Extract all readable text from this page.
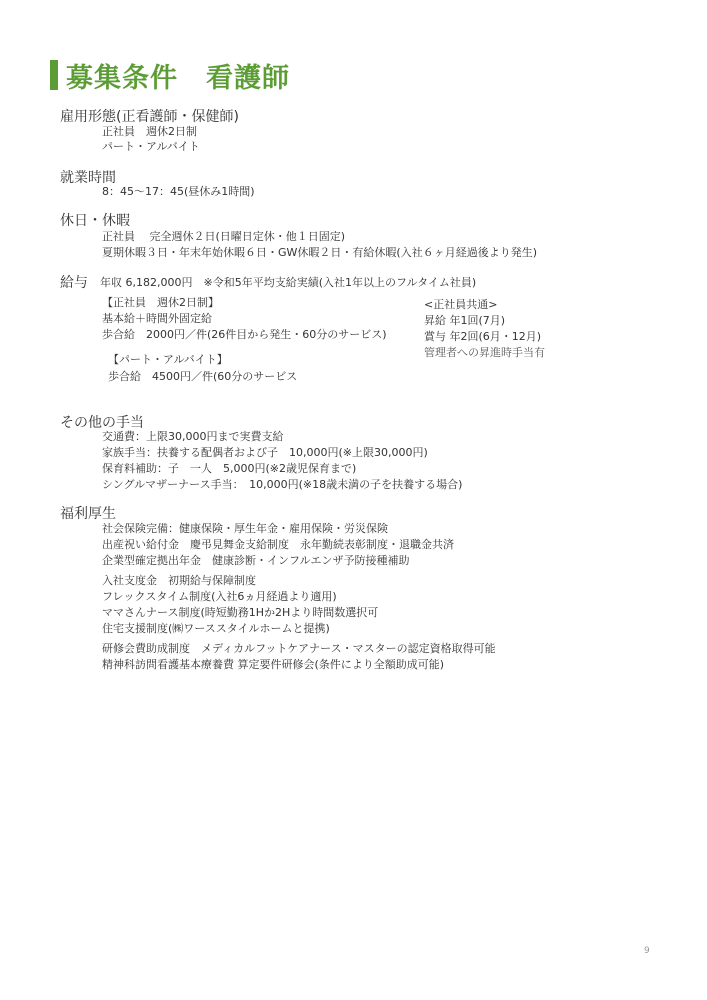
募集条件　看護師
雇用形態(正看護師・保健師)
正社員　週休2日制
パート・アルバイト
就業時間
8：45〜17：45(昼休み1時間)
休日・休暇
正社員　 完全週休２日(日曜日定休・他１日固定)
夏期休暇３日・年末年始休暇６日・GW休暇２日・有給休暇(入社６ヶ月経過後より発生)
給与 年収 6,182,000円　※令和5年平均支給実績(入社1年以上のフルタイム社員)
【正社員　週休2日制】
基本給＋時間外固定給
歩合給　2000円／件(26件目から発生・60分のサービス)
<正社員共通>
昇給 年1回(7月)
賞与 年2回(6月・12月)
管理者への昇進時手当有
【パート・アルバイト】
歩合給　4500円／件(60分のサービス
その他の手当
交通費：上限30,000円まで実費支給
家族手当：扶養する配偶者および子　10,000円(※上限30,000円)
保育料補助：子　一人　5,000円(※2歳児保育まで)
シングルマザーナース手当：　10,000円(※18歳未満の子を扶養する場合)
福利厚生
社会保険完備：健康保険・厚生年金・雇用保険・労災保険
出産祝い給付金　慶弔見舞金支給制度　永年勤続表彰制度・退職金共済
企業型確定拠出年金　健康診断・インフルエンザ予防接種補助
入社支度金　初期給与保障制度
フレックスタイム制度(入社6ヵ月経過より適用)
ママさんナース制度(時短勤務1Hか2Hより時間数選択可
住宅支援制度(㈱ワーススタイルホームと提携)
研修会費助成制度　メディカルフットケアナース・マスターの認定資格取得可能
精神科訪問看護基本療養費 算定要件研修会(条件により全額助成可能)
9
